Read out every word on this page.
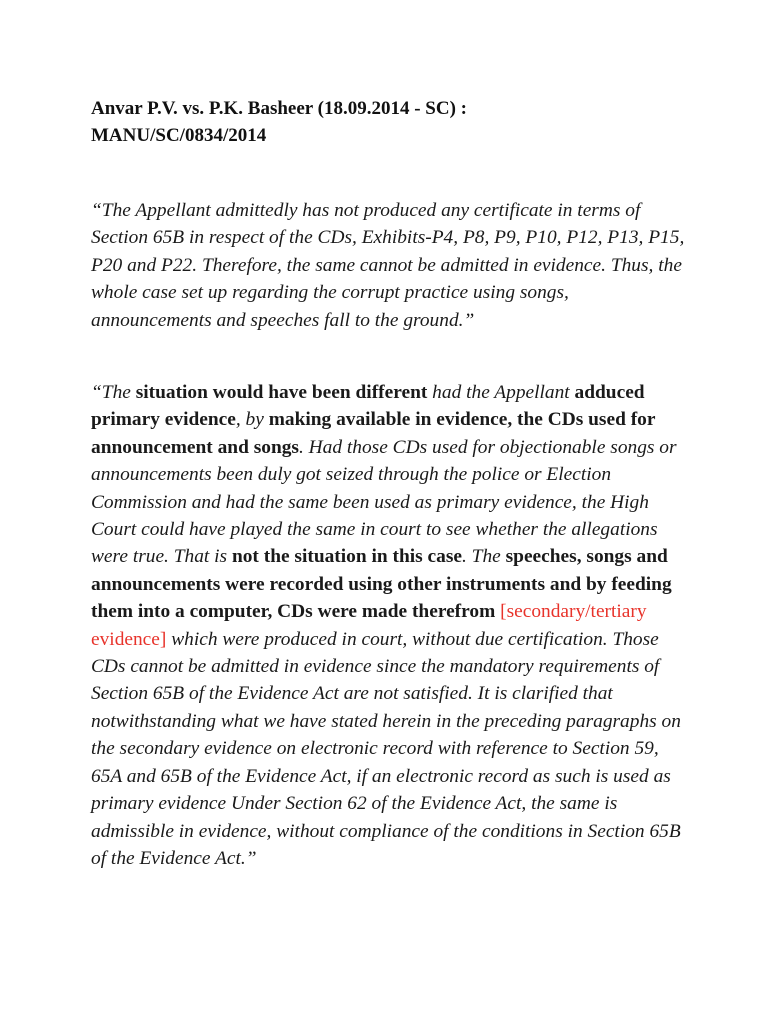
Anvar P.V. vs. P.K. Basheer (18.09.2014 - SC) :
MANU/SC/0834/2014

“The Appellant admittedly has not produced any certificate in terms of Section 65B in respect of the CDs, Exhibits-P4, P8, P9, P10, P12, P13, P15, P20 and P22. Therefore, the same cannot be admitted in evidence. Thus, the whole case set up regarding the corrupt practice using songs, announcements and speeches fall to the ground.”

“The situation would have been different had the Appellant adduced primary evidence, by making available in evidence, the CDs used for announcement and songs. Had those CDs used for objectionable songs or announcements been duly got seized through the police or Election Commission and had the same been used as primary evidence, the High Court could have played the same in court to see whether the allegations were true. That is not the situation in this case. The speeches, songs and announcements were recorded using other instruments and by feeding them into a computer, CDs were made therefrom [secondary/tertiary evidence] which were produced in court, without due certification. Those CDs cannot be admitted in evidence since the mandatory requirements of Section 65B of the Evidence Act are not satisfied. It is clarified that notwithstanding what we have stated herein in the preceding paragraphs on the secondary evidence on electronic record with reference to Section 59, 65A and 65B of the Evidence Act, if an electronic record as such is used as primary evidence Under Section 62 of the Evidence Act, the same is admissible in evidence, without compliance of the conditions in Section 65B of the Evidence Act.”
